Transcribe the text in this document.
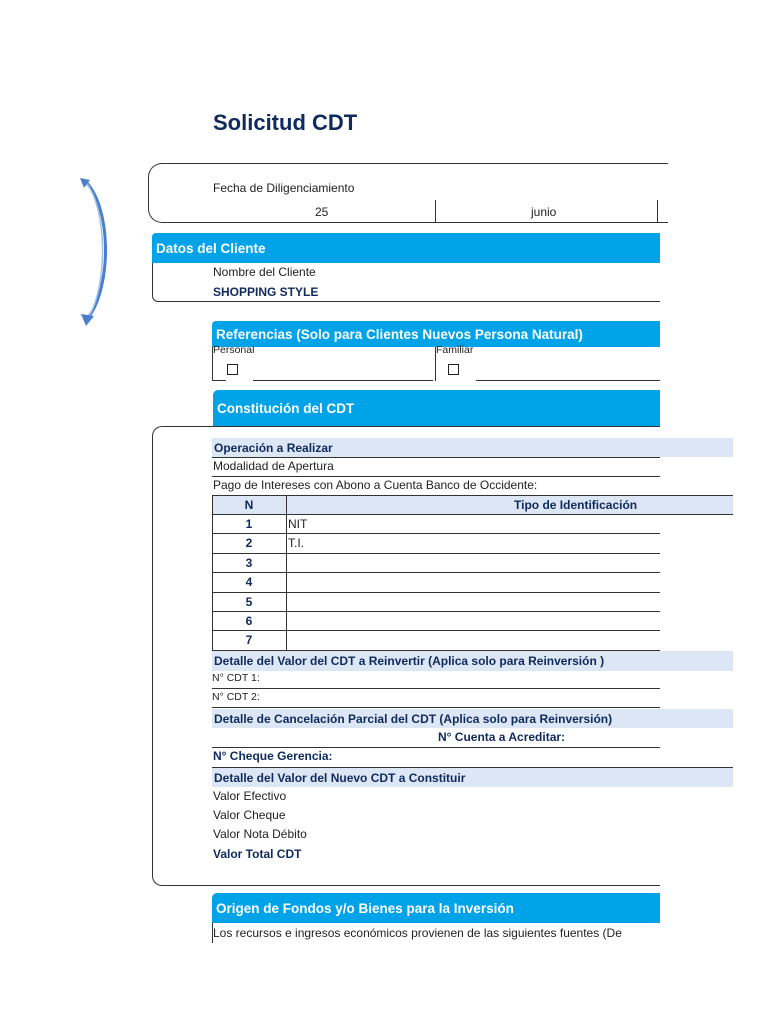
Solicitud CDT
Fecha de Diligenciamiento
25	junio
Datos del Cliente
Nombre del Cliente
SHOPPING STYLE
Referencias (Solo para Clientes Nuevos Persona Natural)
Personal	Familiar
Constitución del CDT
Operación a Realizar
Modalidad de Apertura
Pago de Intereses con Abono a Cuenta Banco de Occidente:
N	Tipo de Identificación
1	NIT
2	T.I.
3
4
5
6
7
Detalle del Valor del CDT a Reinvertir (Aplica solo para Reinversión )
N° CDT 1:
N° CDT 2:
Detalle de Cancelación Parcial del CDT (Aplica solo para Reinversión)
N° Cuenta a Acreditar:
N° Cheque Gerencia:
Detalle del Valor del Nuevo CDT a Constituir
Valor Efectivo
Valor Cheque
Valor Nota Débito
Valor Total CDT
Origen de Fondos y/o Bienes para la Inversión
Los recursos e ingresos económicos provienen de las siguientes fuentes (De
